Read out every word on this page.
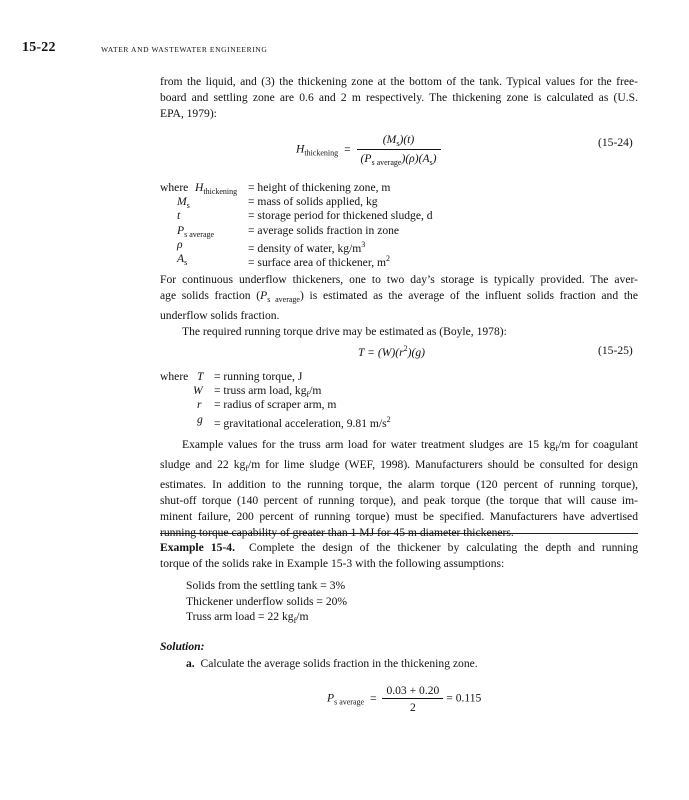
15-22	WATER AND WASTEWATER ENGINEERING
from the liquid, and (3) the thickening zone at the bottom of the tank. Typical values for the free-
board and settling zone are 0.6 and 2 m respectively. The thickening zone is calculated as (U.S.
EPA, 1979):
$H_{thickening} = \frac{(M_s)(t)}{(P_{s average})(\rho)(A_s)}$	(15-24)
where $H_{thickening}$ = height of thickening zone, m
$M_s$	= mass of solids applied, kg
t	= storage period for thickened sludge, d
$P_{s average}$	= average solids fraction in zone
ρ	= density of water, $kg/m^3$
$A_s$	= surface area of thickener, $m^2$
For continuous underflow thickeners, one to two day’s storage is typically provided. The aver-
age solids fraction $(P_{s average})$ is estimated as the average of the influent solids fraction and the
underflow solids fraction.
The required running torque drive may be estimated as (Boyle, 1978):
$T = (W)(r^2)(g)$	(15-25)
where T = running torque, J
W = truss arm load, $kg_f/m$
r = radius of scraper arm, m
g = gravitational acceleration, 9.81 $m/s^2$
Example values for the truss arm load for water treatment sludges are 15 $kg_f/m$ for coagulant
sludge and 22 $kg_f/m$ for lime sludge (WEF, 1998). Manufacturers should be consulted for design
estimates. In addition to the running torque, the alarm torque (120 percent of running torque),
shut-off torque (140 percent of running torque), and peak torque (the torque that will cause im-
minent failure, 200 percent of running torque) must be specified. Manufacturers have advertised
running torque capability of greater than 1 MJ for 45 m diameter thickeners.
Example 15-4. Complete the design of the thickener by calculating the depth and running
torque of the solids rake in Example 15-3 with the following assumptions:
Solids from the settling tank = 3%
Thickener underflow solids = 20%
Truss arm load = 22 $kg_f/m$
Solution:
a. Calculate the average solids fraction in the thickening zone.
$P_{s average} = \frac{0.03 + 0.20}{2} = 0.115$
